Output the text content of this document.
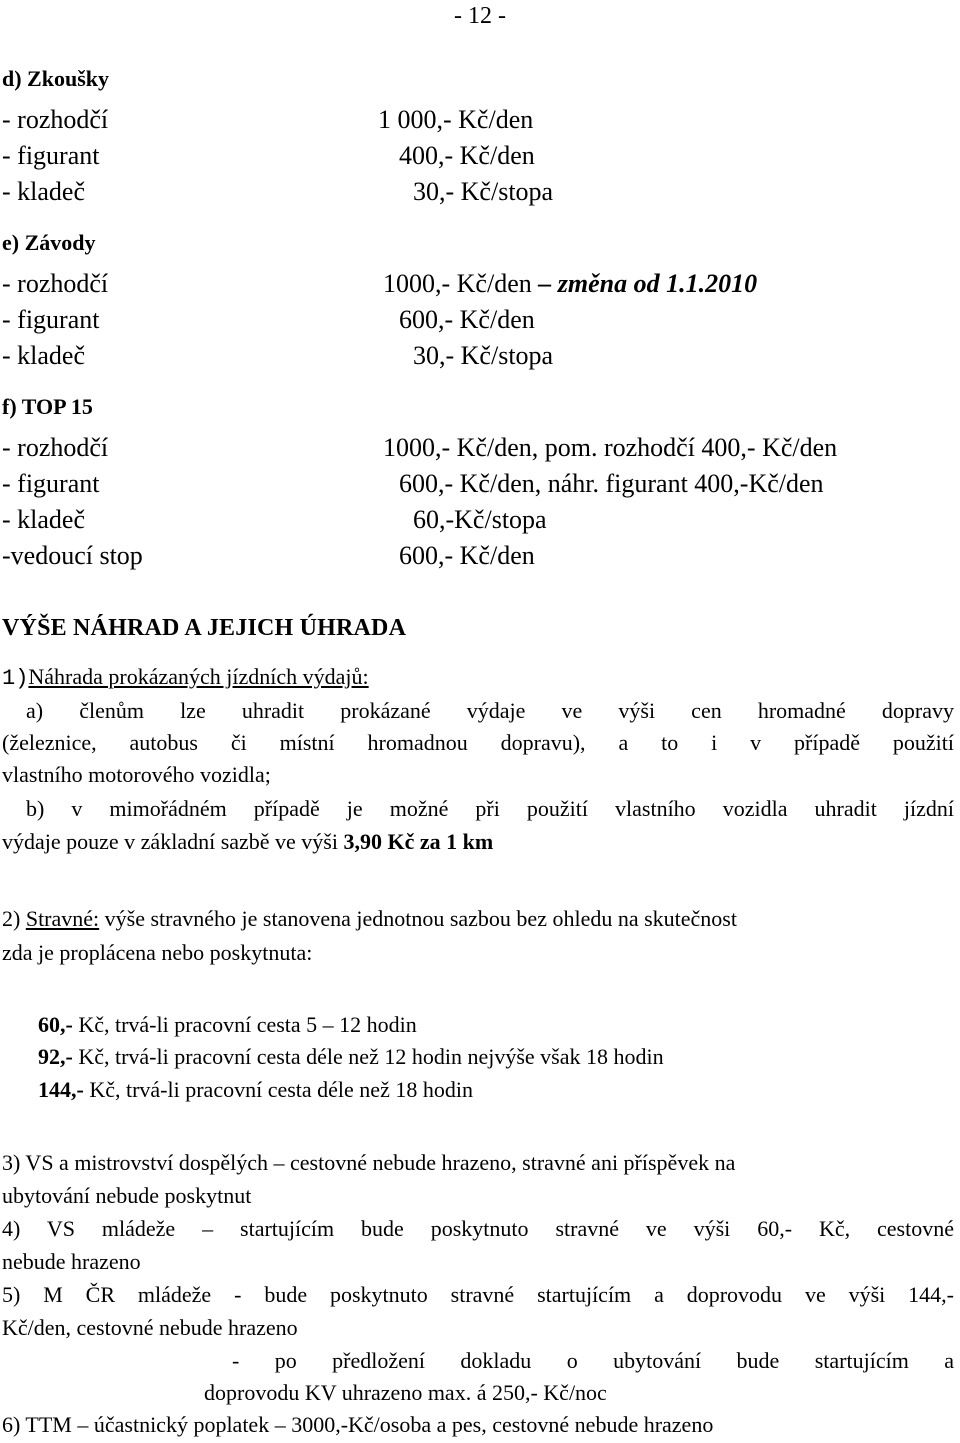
- 12 -
d) Zkoušky
- rozhodčí	1 000,- Kč/den
- figurant	400,- Kč/den
- kladeč	30,- Kč/stopa
e) Závody
- rozhodčí	1000,- Kč/den – změna od 1.1.2010
- figurant	600,- Kč/den
- kladeč	30,- Kč/stopa
f) TOP 15
- rozhodčí	1000,- Kč/den, pom. rozhodčí 400,- Kč/den
- figurant	600,- Kč/den, náhr. figurant 400,-Kč/den
- kladeč	60,-Kč/stopa
-vedoucí stop	600,- Kč/den
VÝŠE NÁHRAD A JEJICH ÚHRADA
1)Náhrada prokázaných jízdních výdajů:
a) členům lze uhradit prokázané výdaje ve výši cen hromadné dopravy
(železnice, autobus či místní hromadnou dopravu), a to i v případě použití
vlastního motorového vozidla;
b) v mimořádném případě je možné při použití vlastního vozidla uhradit jízdní
výdaje pouze v základní sazbě ve výši 3,90 Kč za 1 km
2) Stravné: výše stravného je stanovena jednotnou sazbou bez ohledu na skutečnost
zda je proplácena nebo poskytnuta:
60,- Kč, trvá-li pracovní cesta 5 – 12 hodin
92,- Kč, trvá-li pracovní cesta déle než 12 hodin nejvýše však 18 hodin
144,- Kč, trvá-li pracovní cesta déle než 18 hodin
3) VS a mistrovství dospělých – cestovné nebude hrazeno, stravné ani příspěvek na
ubytování nebude poskytnut
4) VS mládeže – startujícím bude poskytnuto stravné ve výši 60,- Kč, cestovné
nebude hrazeno
5) M ČR mládeže - bude poskytnuto stravné startujícím a doprovodu ve výši 144,-
Kč/den, cestovné nebude hrazeno
- po předložení dokladu o ubytování bude startujícím a
doprovodu KV uhrazeno max. á 250,- Kč/noc
6) TTM – účastnický poplatek – 3000,-Kč/osoba a pes, cestovné nebude hrazeno
